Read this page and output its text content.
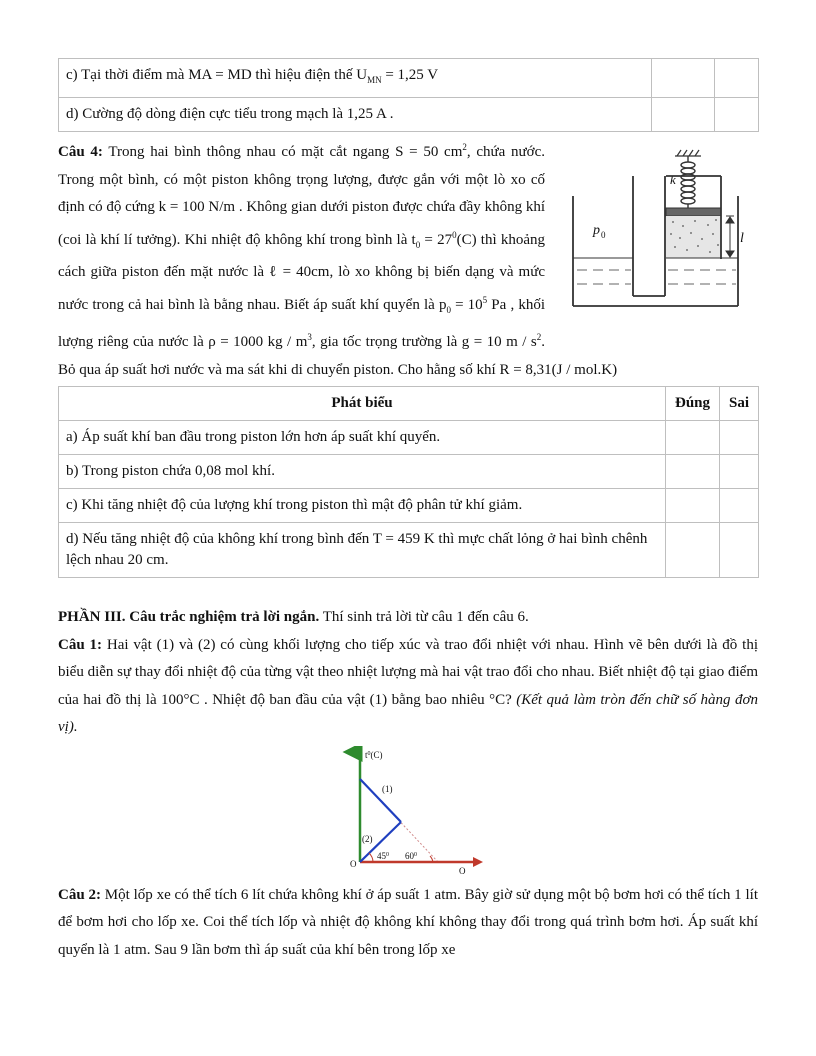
c) Tại thời điểm mà MA = MD thì hiệu điện thế $U_{MN} = 1,25$ V		
d) Cường độ dòng điện cực tiểu trong mạch là 1,25 A .		

k
p 0	l
Câu 4: Trong hai bình thông nhau có mặt cắt ngang S = 50 $cm^2$, chứa nước. Trong một bình, có một piston không trọng lượng, được gắn với một lò xo cố định có độ cứng k = 100 N/m . Không gian dưới piston được chứa đầy không khí (coi là khí lí tưởng). Khi nhiệt độ không khí trong bình là $t_0 = 27^0(C)$ thì khoảng cách giữa piston đến mặt nước là ℓ = 40cm, lò xo không bị biến dạng và mức nước trong cả hai bình là bằng nhau. Biết áp suất khí quyển là $p_0 = 10^5$ Pa , khối lượng riêng của nước là ρ = 1000 kg / $m^3$, gia tốc trọng trường là g = 10 m / $s^2$. Bỏ qua áp suất hơi nước và ma sát khi di chuyển piston. Cho hằng số khí R = 8,31(J / mol.K)

Phát biểu	Đúng	Sai
a) Áp suất khí ban đầu trong piston lớn hơn áp suất khí quyển.		
b) Trong piston chứa 0,08 mol khí.		
c) Khi tăng nhiệt độ của lượng khí trong piston thì mật độ phân tử khí giảm.		
d) Nếu tăng nhiệt độ của không khí trong bình đến T = 459 K thì mực chất lỏng ở hai bình chênh lệch nhau 20 cm.		

PHẦN III. Câu trắc nghiệm trả lời ngắn. Thí sinh trả lời từ câu 1 đến câu 6.

Câu 1: Hai vật (1) và (2) có cùng khối lượng cho tiếp xúc và trao đổi nhiệt với nhau. Hình vẽ bên dưới là đồ thị biểu diễn sự thay đổi nhiệt độ của từng vật theo nhiệt lượng mà hai vật trao đổi cho nhau. Biết nhiệt độ tại giao điểm của hai đồ thị là 100°C . Nhiệt độ ban đầu của vật (1) bằng bao nhiêu °C? (Kết quả làm tròn đến chữ số hàng đơn vị).

$t^0(C)$
(1)
(2)
O
$45^0$ $60^0$
Q

Câu 2: Một lốp xe có thể tích 6 lít chứa không khí ở áp suất 1 atm. Bây giờ sử dụng một bộ bơm hơi có thể tích 1 lít để bơm hơi cho lốp xe. Coi thể tích lốp và nhiệt độ không khí không thay đổi trong quá trình bơm hơi. Áp suất khí quyển là 1 atm. Sau 9 lần bơm thì áp suất của khí bên trong lốp xe
